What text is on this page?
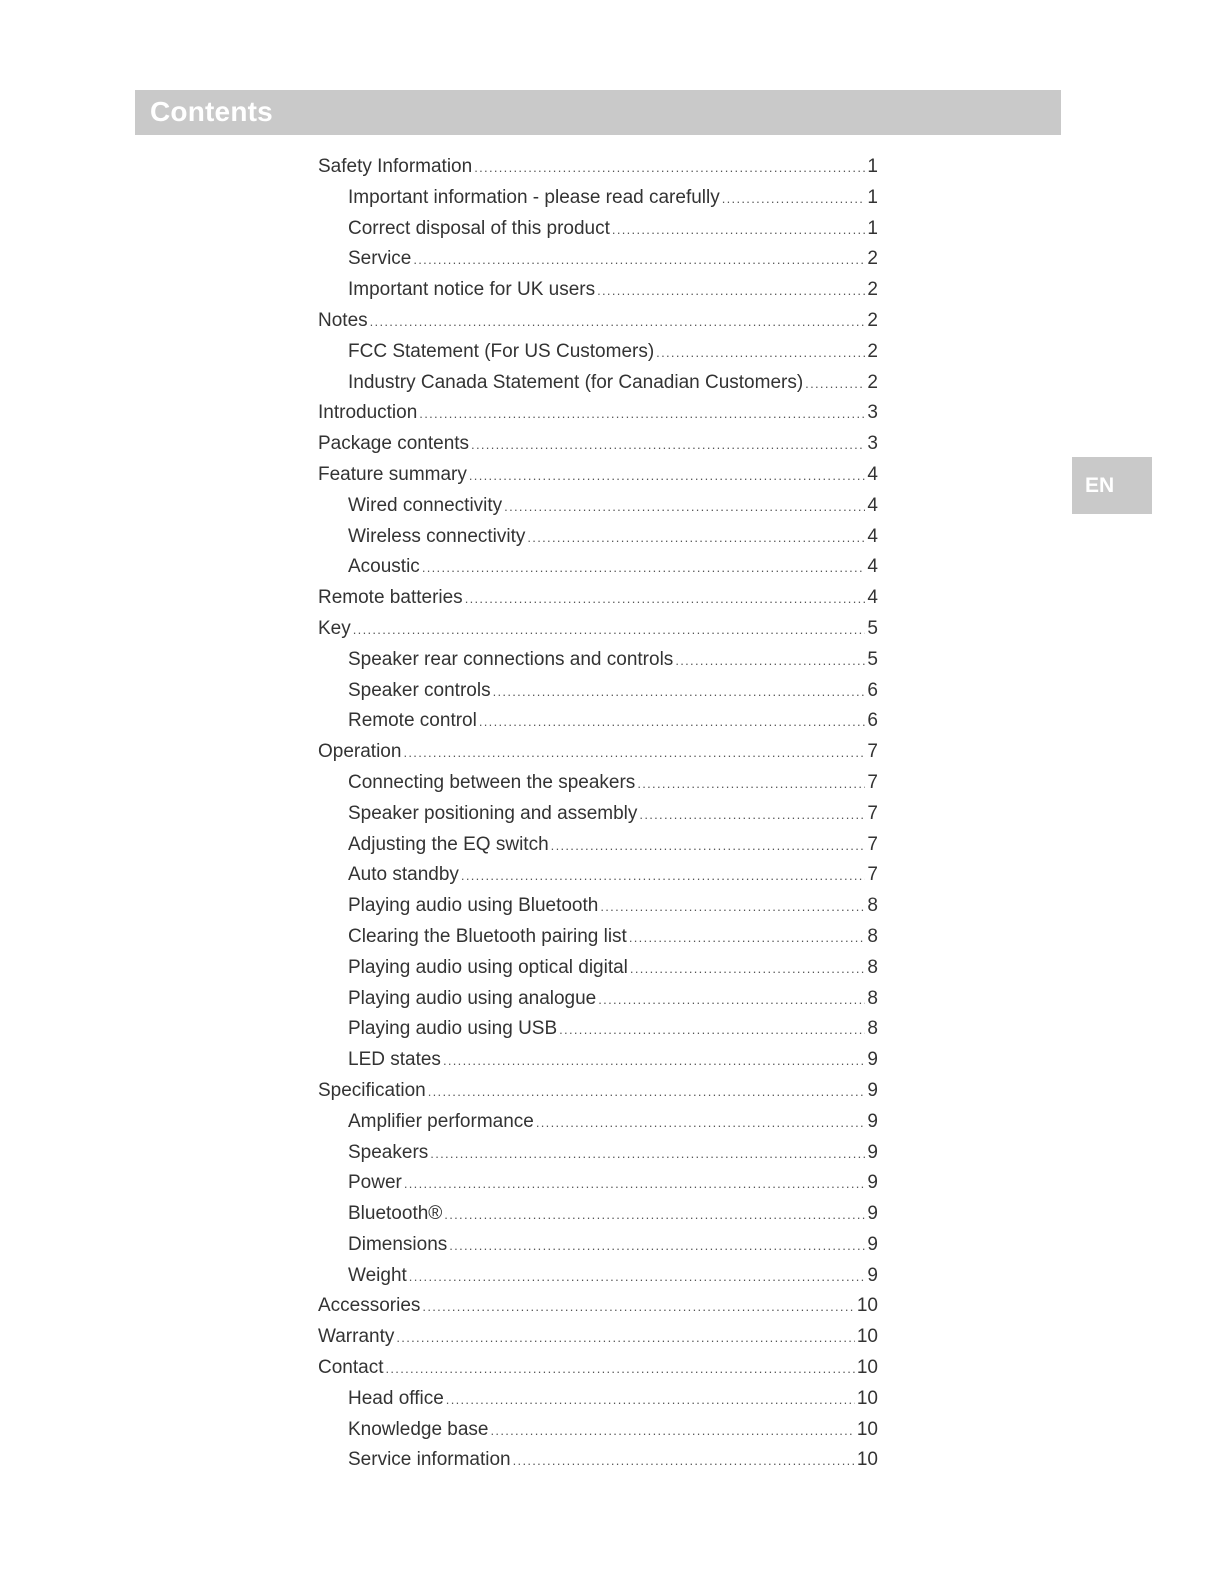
Contents
EN
Safety Information .....	1
Important information - please read carefully .....	1
Correct disposal of this product .....	1
Service .....	2
Important notice for UK users .....	2
Notes .....	2
FCC Statement (For US Customers) .....	2
Industry Canada Statement (for Canadian Customers) .....	2
Introduction .....	3
Package contents .....	3
Feature summary .....	4
Wired connectivity .....	4
Wireless connectivity .....	4
Acoustic .....	4
Remote batteries .....	4
Key .....	5
Speaker rear connections and controls .....	5
Speaker controls .....	6
Remote control .....	6
Operation .....	7
Connecting between the speakers .....	7
Speaker positioning and assembly .....	7
Adjusting the EQ switch .....	7
Auto standby .....	7
Playing audio using Bluetooth .....	8
Clearing the Bluetooth pairing list .....	8
Playing audio using optical digital .....	8
Playing audio using analogue .....	8
Playing audio using USB .....	8
LED states .....	9
Specification .....	9
Amplifier performance .....	9
Speakers .....	9
Power .....	9
Bluetooth® .....	9
Dimensions .....	9
Weight .....	9
Accessories .....	10
Warranty .....	10
Contact .....	10
Head office .....	10
Knowledge base .....	10
Service information .....	10
